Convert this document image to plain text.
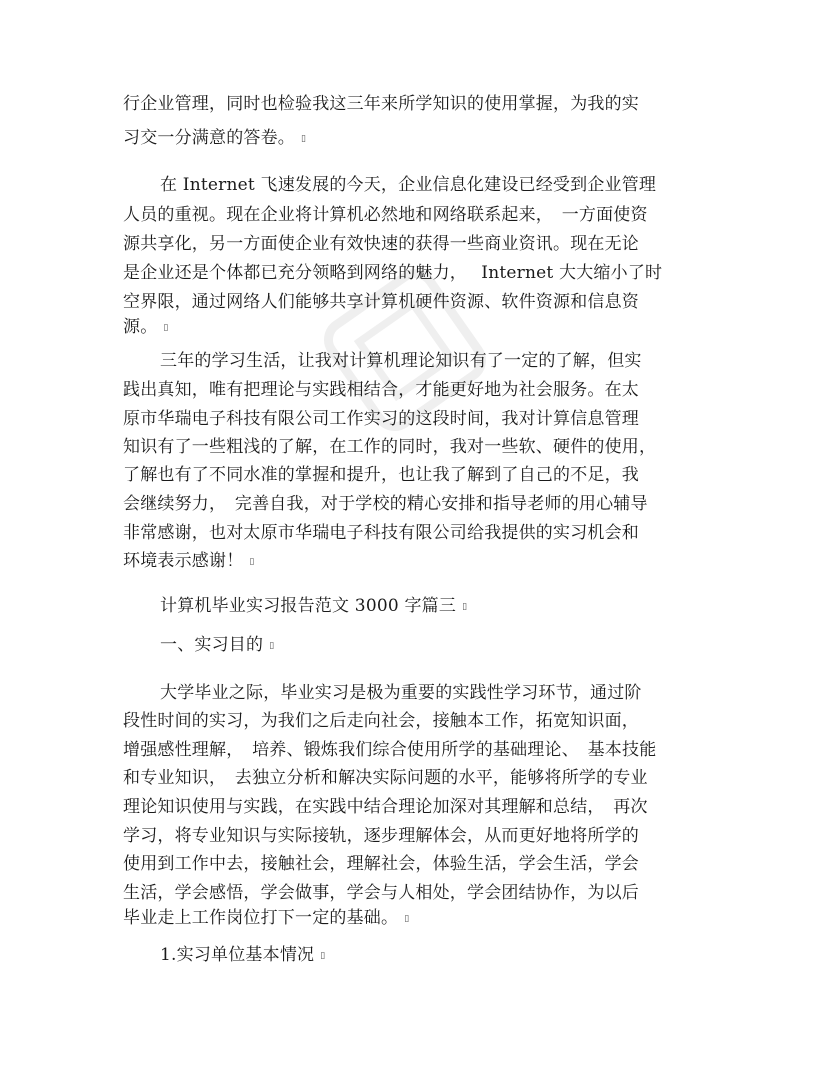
行企业管理，同时也检验我这三年来所学知识的使用掌握，为我的实
习交一分满意的答卷。 ▯
在 Internet 飞速发展的今天，企业信息化建设已经受到企业管理
人员的重视。现在企业将计算机必然地和网络联系起来，　一方面使资
源共享化，另一方面使企业有效快速的获得一些商业资讯。现在无论
是企业还是个体都已充分领略到网络的魅力，　 Internet 大大缩小了时
空界限，通过网络人们能够共享计算机硬件资源、软件资源和信息资
源。 ▯
三年的学习生活，让我对计算机理论知识有了一定的了解，但实
践出真知，唯有把理论与实践相结合，才能更好地为社会服务。在太
原市华瑞电子科技有限公司工作实习的这段时间，我对计算信息管理
知识有了一些粗浅的了解，在工作的同时，我对一些软、硬件的使用，
了解也有了不同水准的掌握和提升，也让我了解到了自己的不足，我
会继续努力，　完善自我，对于学校的精心安排和指导老师的用心辅导
非常感谢，也对太原市华瑞电子科技有限公司给我提供的实习机会和
环境表示感谢！ ▯
计算机毕业实习报告范文 3000 字篇三 ▯
一、实习目的 ▯
大学毕业之际，毕业实习是极为重要的实践性学习环节，通过阶
段性时间的实习，为我们之后走向社会，接触本工作，拓宽知识面，
增强感性理解，　培养、锻炼我们综合使用所学的基础理论、　基本技能
和专业知识，　去独立分析和解决实际问题的水平，能够将所学的专业
理论知识使用与实践，在实践中结合理论加深对其理解和总结，　再次
学习，将专业知识与实际接轨，逐步理解体会，从而更好地将所学的
使用到工作中去，接触社会，理解社会，体验生活，学会生活，学会
生活，学会感悟，学会做事，学会与人相处，学会团结协作，为以后
毕业走上工作岗位打下一定的基础。 ▯
1.实习单位基本情况 ▯
